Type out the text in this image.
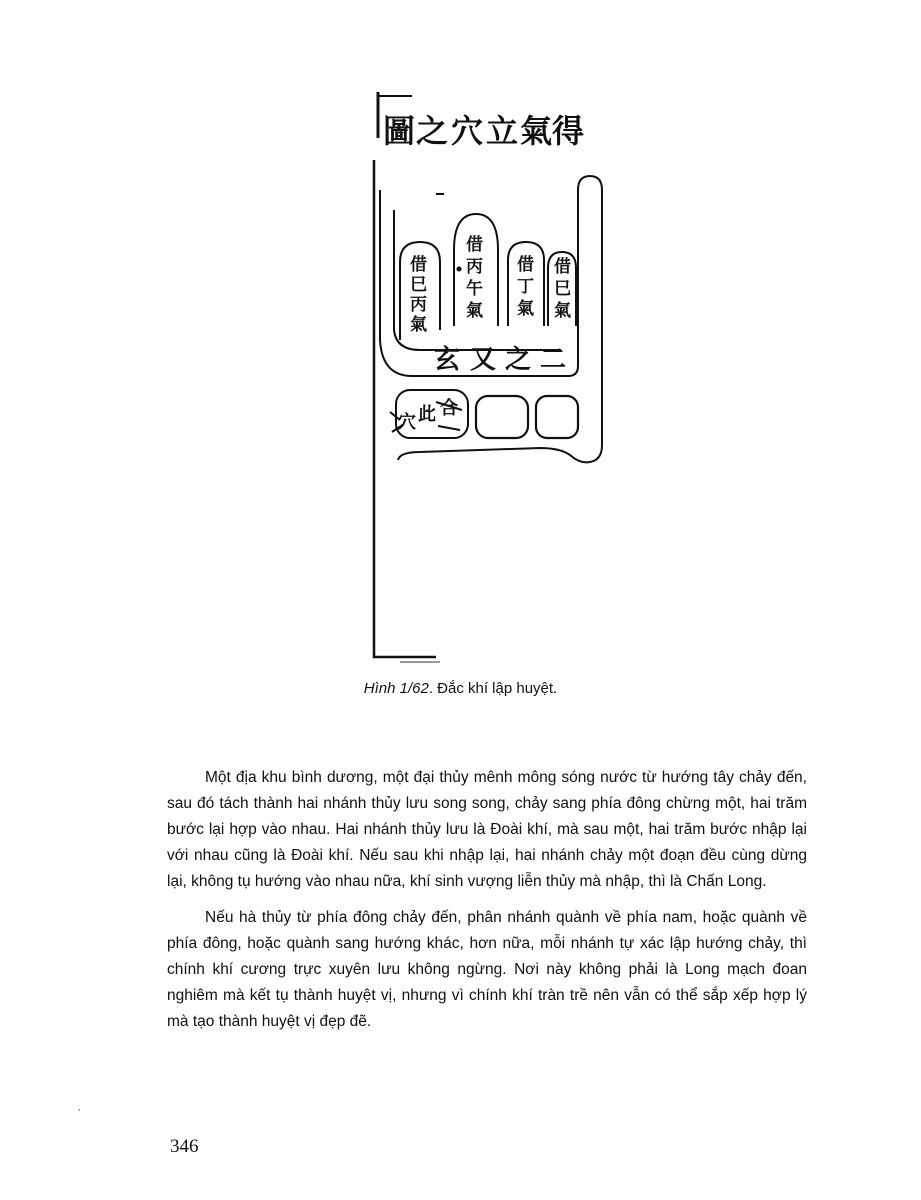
圖 之 穴 立 氣 得
借
巳
丙
氣
借
丙
午
氣
借
丁
氣
借
巳
氣
玄 又 之 二
穴 此 合
Hình 1/62. Đắc khí lập huyệt.

Một địa khu bình dương, một đại thủy mênh mông sóng nước từ hướng tây chảy đến, sau đó tách thành hai nhánh thủy lưu song song, chảy sang phía đông chừng một, hai trăm bước lại hợp vào nhau. Hai nhánh thủy lưu là Đoài khí, mà sau một, hai trăm bước nhập lại với nhau cũng là Đoài khí. Nếu sau khi nhập lại, hai nhánh chảy một đoạn đều cùng dừng lại, không tụ hướng vào nhau nữa, khí sinh vượng liễn thủy mà nhập, thì là Chấn Long.

Nếu hà thủy từ phía đông chảy đến, phân nhánh quành về phía nam, hoặc quành về phía đông, hoặc quành sang hướng khác, hơn nữa, mỗi nhánh tự xác lập hướng chảy, thì chính khí cương trực xuyên lưu không ngừng. Nơi này không phải là Long mạch đoan nghiêm mà kết tụ thành huyệt vị, nhưng vì chính khí tràn trề nên vẫn có thể sắp xếp hợp lý mà tạo thành huyệt vị đẹp đẽ.

’
346
